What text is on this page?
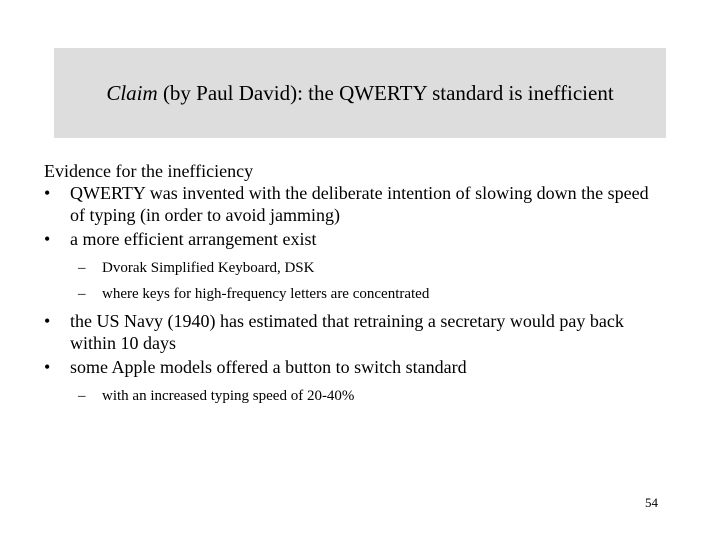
Claim (by Paul David): the QWERTY standard is inefficient

Evidence for the inefficiency

• QWERTY was invented with the deliberate intention of slowing down the speed of typing (in order to avoid jamming)
• a more efficient arrangement exist
– Dvorak Simplified Keyboard, DSK
– where keys for high-frequency letters are concentrated
• the US Navy (1940) has estimated that retraining a secretary would pay back within 10 days
• some Apple models offered a button to switch standard
– with an increased typing speed of 20-40%
54
